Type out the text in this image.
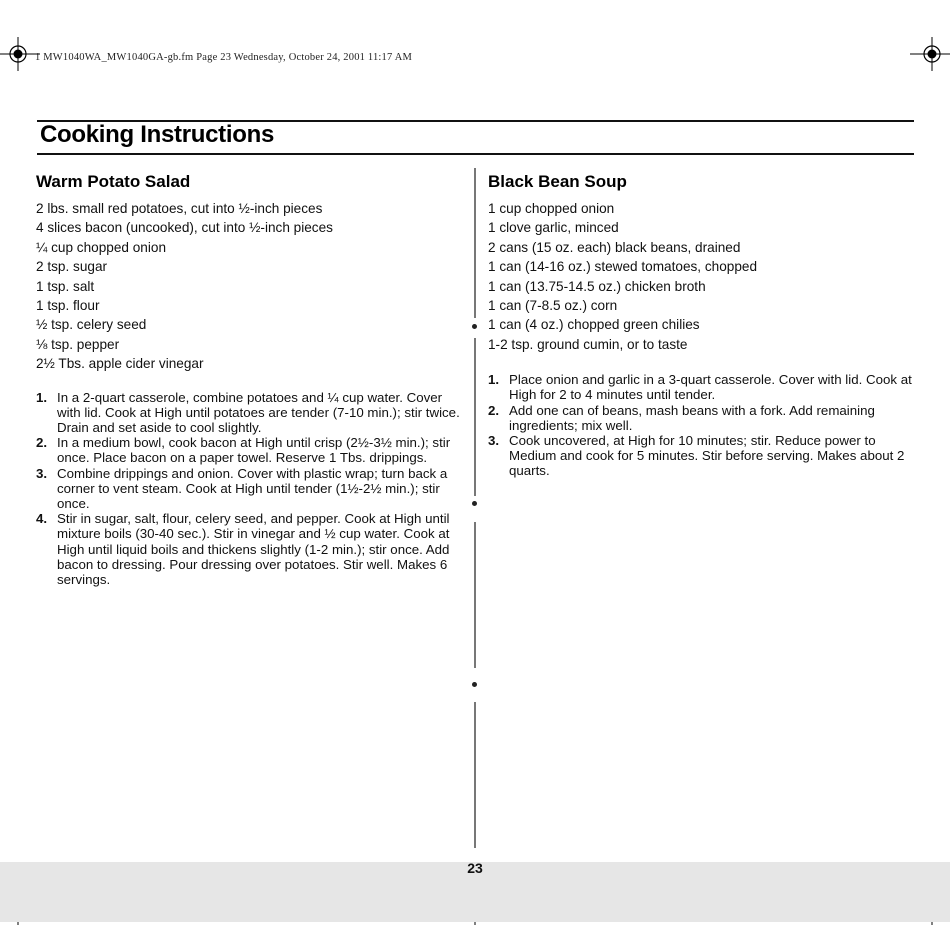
1 MW1040WA_MW1040GA-gb.fm Page 23 Wednesday, October 24, 2001 11:17 AM
Cooking Instructions
Warm Potato Salad
2 lbs. small red potatoes, cut into ½-inch pieces
4 slices bacon (uncooked), cut into ½-inch pieces
¼ cup chopped onion
2 tsp. sugar
1 tsp. salt
1 tsp. flour
½ tsp. celery seed
⅛ tsp. pepper
2½ Tbs. apple cider vinegar
1. In a 2-quart casserole, combine potatoes and ¼ cup water. Cover with lid. Cook at High until potatoes are tender (7-10 min.); stir twice. Drain and set aside to cool slightly.
2. In a medium bowl, cook bacon at High until crisp (2½-3½ min.); stir once. Place bacon on a paper towel. Reserve 1 Tbs. drippings.
3. Combine drippings and onion. Cover with plastic wrap; turn back a corner to vent steam. Cook at High until tender (1½-2½ min.); stir once.
4. Stir in sugar, salt, flour, celery seed, and pepper. Cook at High until mixture boils (30-40 sec.). Stir in vinegar and ½ cup water. Cook at High until liquid boils and thickens slightly (1-2 min.); stir once. Add bacon to dressing. Pour dressing over potatoes. Stir well. Makes 6 servings.
Black Bean Soup
1 cup chopped onion
1 clove garlic, minced
2 cans (15 oz. each) black beans, drained
1 can (14-16 oz.) stewed tomatoes, chopped
1 can (13.75-14.5 oz.) chicken broth
1 can (7-8.5 oz.) corn
1 can (4 oz.) chopped green chilies
1-2 tsp. ground cumin, or to taste
1. Place onion and garlic in a 3-quart casserole. Cover with lid. Cook at High for 2 to 4 minutes until tender.
2. Add one can of beans, mash beans with a fork. Add remaining ingredients; mix well.
3. Cook uncovered, at High for 10 minutes; stir. Reduce power to Medium and cook for 5 minutes. Stir before serving. Makes about 2 quarts.
23
